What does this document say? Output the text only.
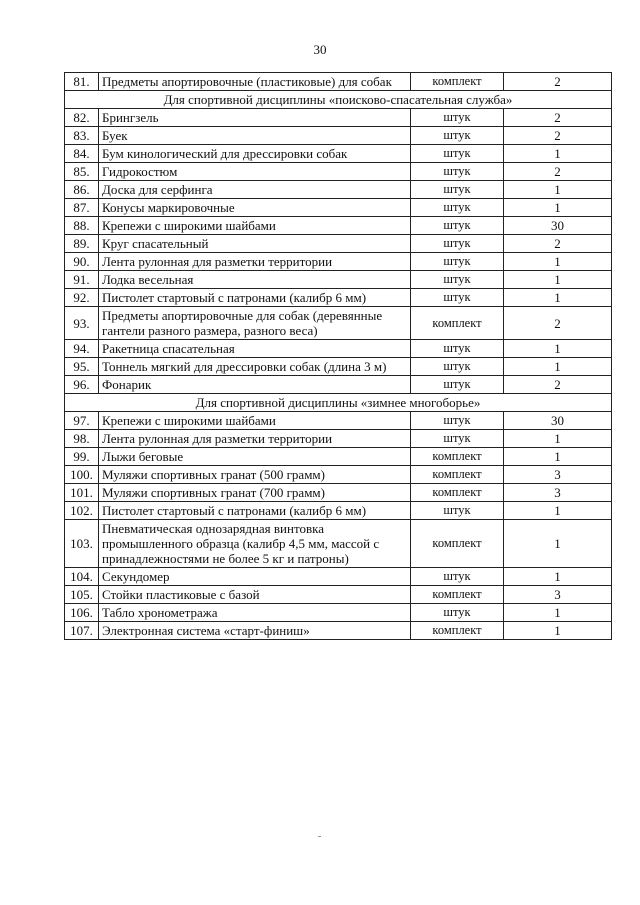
30
81.	Предметы апортировочные (пластиковые) для собак	комплект	2
Для спортивной дисциплины «поисково-спасательная служба»			
82.	Брингзель	штук	2
83.	Буек	штук	2
84.	Бум кинологический для дрессировки собак	штук	1
85.	Гидрокостюм	штук	2
86.	Доска для серфинга	штук	1
87.	Конусы маркировочные	штук	1
88.	Крепежи с широкими шайбами	штук	30
89.	Круг спасательный	штук	2
90.	Лента рулонная для разметки территории	штук	1
91.	Лодка весельная	штук	1
92.	Пистолет стартовый с патронами (калибр 6 мм)	штук	1
93.	Предметы апортировочные для собак (деревянные гантели разного размера, разного веса)	комплект	2
94.	Ракетница спасательная	штук	1
95.	Тоннель мягкий для дрессировки собак (длина 3 м)	штук	1
96.	Фонарик	штук	2
Для спортивной дисциплины «зимнее многоборье»			
97.	Крепежи с широкими шайбами	штук	30
98.	Лента рулонная для разметки территории	штук	1
99.	Лыжи беговые	комплект	1
100.	Муляжи спортивных гранат (500 грамм)	комплект	3
101.	Муляжи спортивных гранат (700 грамм)	комплект	3
102.	Пистолет стартовый с патронами (калибр 6 мм)	штук	1
103.	Пневматическая однозарядная винтовка промышленного образца (калибр 4,5 мм, массой с принадлежностями не более 5 кг и патроны)	комплект	1
104.	Секундомер	штук	1
105.	Стойки пластиковые с базой	комплект	3
106.	Табло хронометража	штук	1
107.	Электронная система «старт-финиш»	комплект	1
